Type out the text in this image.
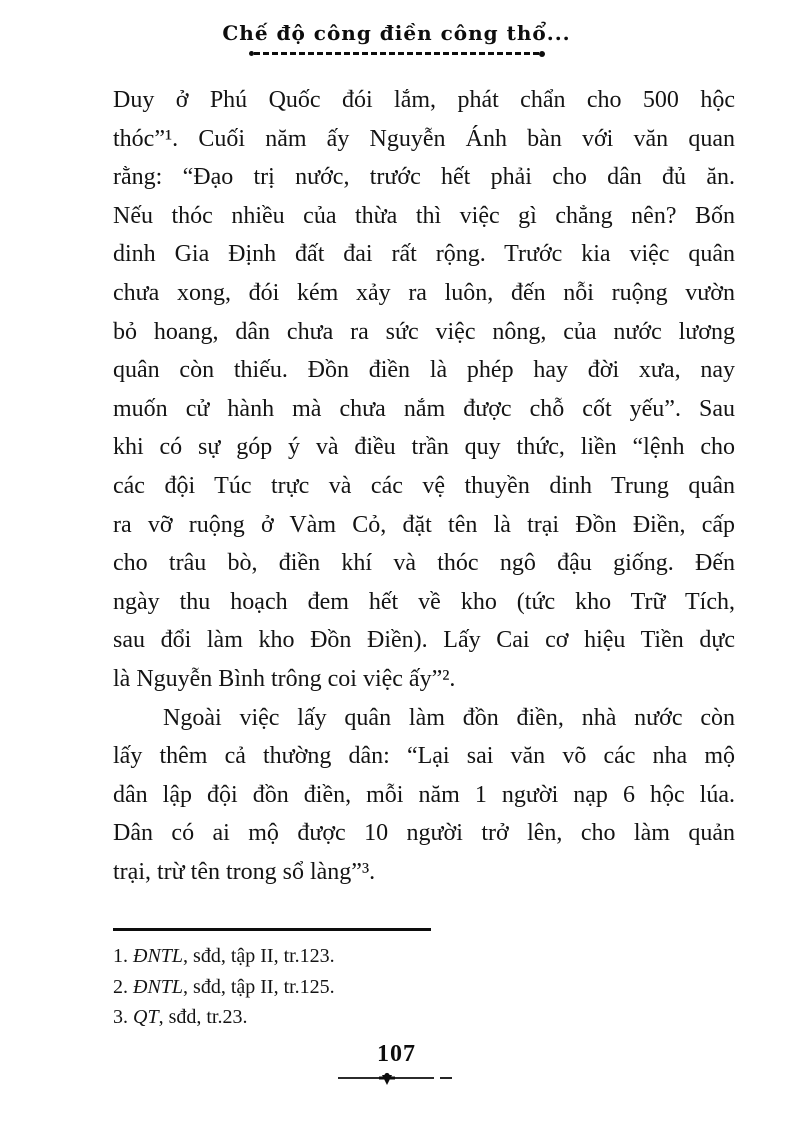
Chế độ công điền công thổ...
Duy ở Phú Quốc đói lắm, phát chẩn cho 500 hộc
thóc”¹. Cuối năm ấy Nguyễn Ánh bàn với văn quan
rằng: “Đạo trị nước, trước hết phải cho dân đủ ăn.
Nếu thóc nhiều của thừa thì việc gì chẳng nên? Bốn
dinh Gia Định đất đai rất rộng. Trước kia việc quân
chưa xong, đói kém xảy ra luôn, đến nỗi ruộng vườn
bỏ hoang, dân chưa ra sức việc nông, của nước lương
quân còn thiếu. Đồn điền là phép hay đời xưa, nay
muốn cử hành mà chưa nắm được chỗ cốt yếu”. Sau
khi có sự góp ý và điều trần quy thức, liền “lệnh cho
các đội Túc trực và các vệ thuyền dinh Trung quân
ra vỡ ruộng ở Vàm Cỏ, đặt tên là trại Đồn Điền, cấp
cho trâu bò, điền khí và thóc ngô đậu giống. Đến
ngày thu hoạch đem hết về kho (tức kho Trữ Tích,
sau đổi làm kho Đồn Điền). Lấy Cai cơ hiệu Tiền dực
là Nguyễn Bình trông coi việc ấy”².
Ngoài việc lấy quân làm đồn điền, nhà nước còn
lấy thêm cả thường dân: “Lại sai văn võ các nha mộ
dân lập đội đồn điền, mỗi năm 1 người nạp 6 hộc lúa.
Dân có ai mộ được 10 người trở lên, cho làm quản
trại, trừ tên trong sổ làng”³.
1. ĐNTL, sđd, tập II, tr.123.
2. ĐNTL, sđd, tập II, tr.125.
3. QT, sđd, tr.23.
107
